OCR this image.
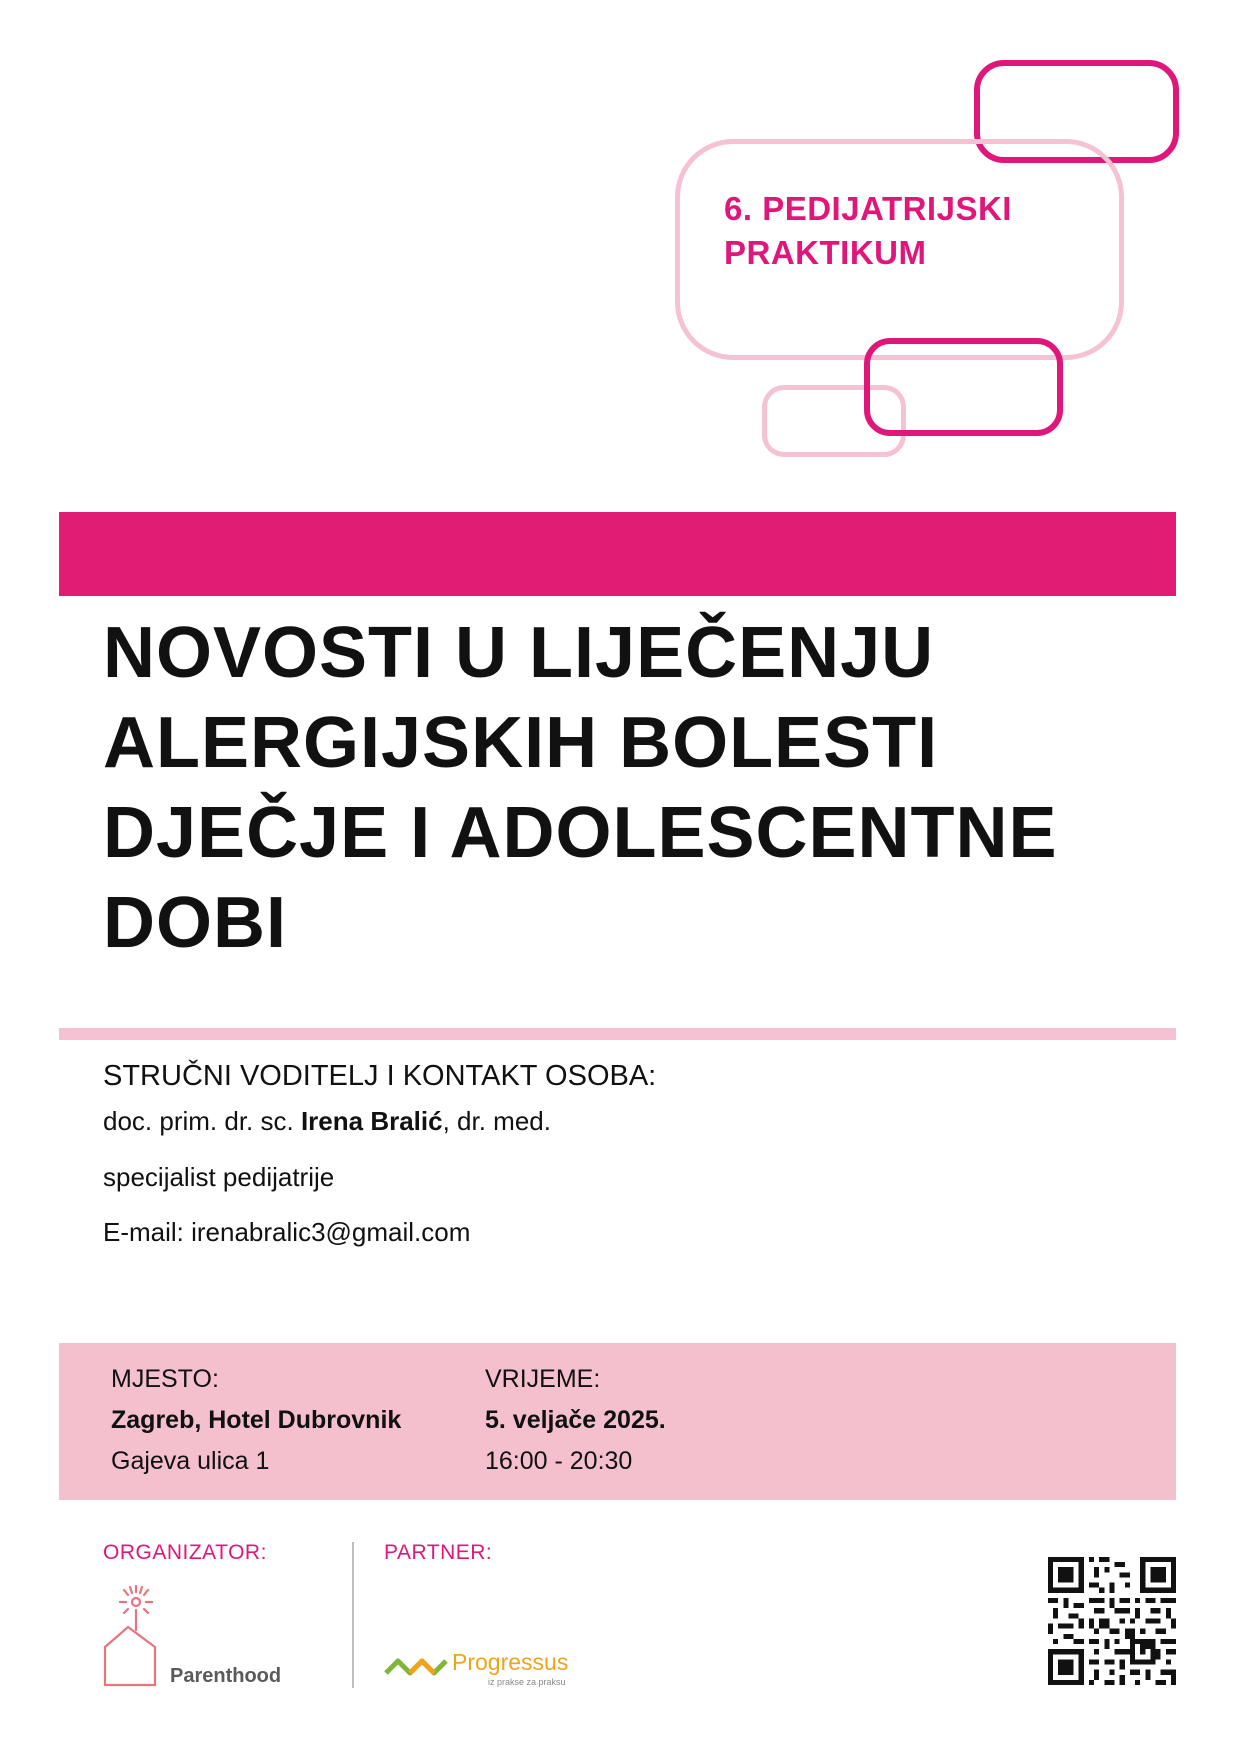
6. PEDIJATRIJSKI
PRAKTIKUM
NOVOSTI U LIJEČENJU
ALERGIJSKIH BOLESTI
DJEČJE I ADOLESCENTNE
DOBI
STRUČNI VODITELJ I KONTAKT OSOBA:
doc. prim. dr. sc. Irena Bralić, dr. med.
specijalist pedijatrije
E-mail: irenabralic3@gmail.com
MJESTO:
Zagreb, Hotel Dubrovnik
Gajeva ulica 1
VRIJEME:
5. veljače 2025.
16:00 - 20:30
ORGANIZATOR:	PARTNER:
Parenthood
Progressus
iz prakse za praksu
